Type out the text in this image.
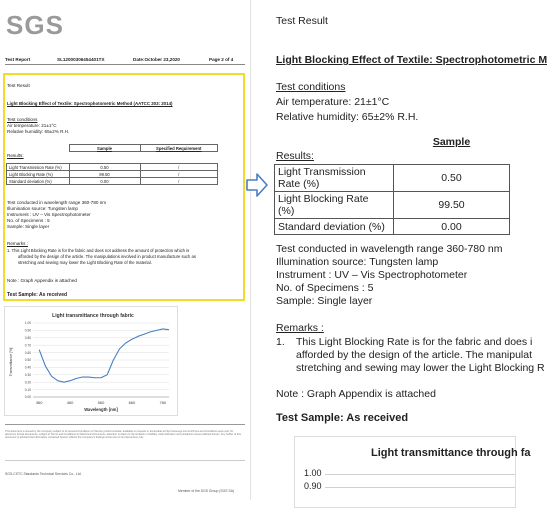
SGS
Test Report	SL12000306454401TX	Date:October 23,2020	Page 2 of 4
Test Result
Light Blocking Effect of Textile: Spectrophotometric Method (AATCC 203: 2014)
Test conditions
Air temperature: 21±1°C
Relative humidity: 65±2% R.H.
Results:
	Sample	Specified Requirement

Light Transmission Rate (%)	0.50	/
Light Blocking Rate (%)	99.50	/
Standard deviation (%)	0.00	/
Test conducted in wavelength range 360-780 nm
Illumination source: Tungsten lamp
Instrument : UV – Vis Spectrophotometer
No. of Specimens : 5
Sample: Single layer
Remarks :
1. This Light Blocking Rate is for the fabric and does not address the amount of protection which is
afforded by the design of the article. The manipulations involved in product manufacture such as
stretching and sewing may lower the Light Blocking Rate of the material.
Note : Graph Appendix is attached
Test Sample: As received
Light transmittance through fabric
Wavelength [nm]
Transmittance [%]
1.00
0.90
0.80
0.70
0.60
0.50
0.40
0.30
0.20
0.10
0.00
360	460	560	660	760
This document is issued by the Company subject to its General Conditions of Service printed overleaf, available on request or accessible at http://www.sgs.com/en/Terms-and-Conditions.aspx and, for electronic format documents, subject to Terms and Conditions for Electronic Documents. Attention is drawn to the limitation of liability, indemnification and jurisdiction issues defined therein. Any holder of this document is advised that information contained hereon reflects the Company's findings at the time of its intervention only.
SGS-CSTC Standards Technical Services Co., Ltd.
Member of the SGS Group (SGS SA)
Test Result
Light Blocking Effect of Textile: Spectrophotometric M
Test conditions
Air temperature: 21±1°C
Relative humidity: 65±2% R.H.
Results:
	Sample

Light Transmission
Rate (%)	0.50
Light Blocking Rate
(%)	99.50
Standard deviation (%)	0.00
Test conducted in wavelength range 360-780 nm
Illumination source: Tungsten lamp
Instrument : UV – Vis Spectrophotometer
No. of Specimens : 5
Sample: Single layer
Remarks :
1. This Light Blocking Rate is for the fabric and does i
afforded by the design of the article. The manipulat
stretching and sewing may lower the Light Blocking R
Note : Graph Appendix is attached
Test Sample: As received
Light transmittance through fa
1.00
0.90
